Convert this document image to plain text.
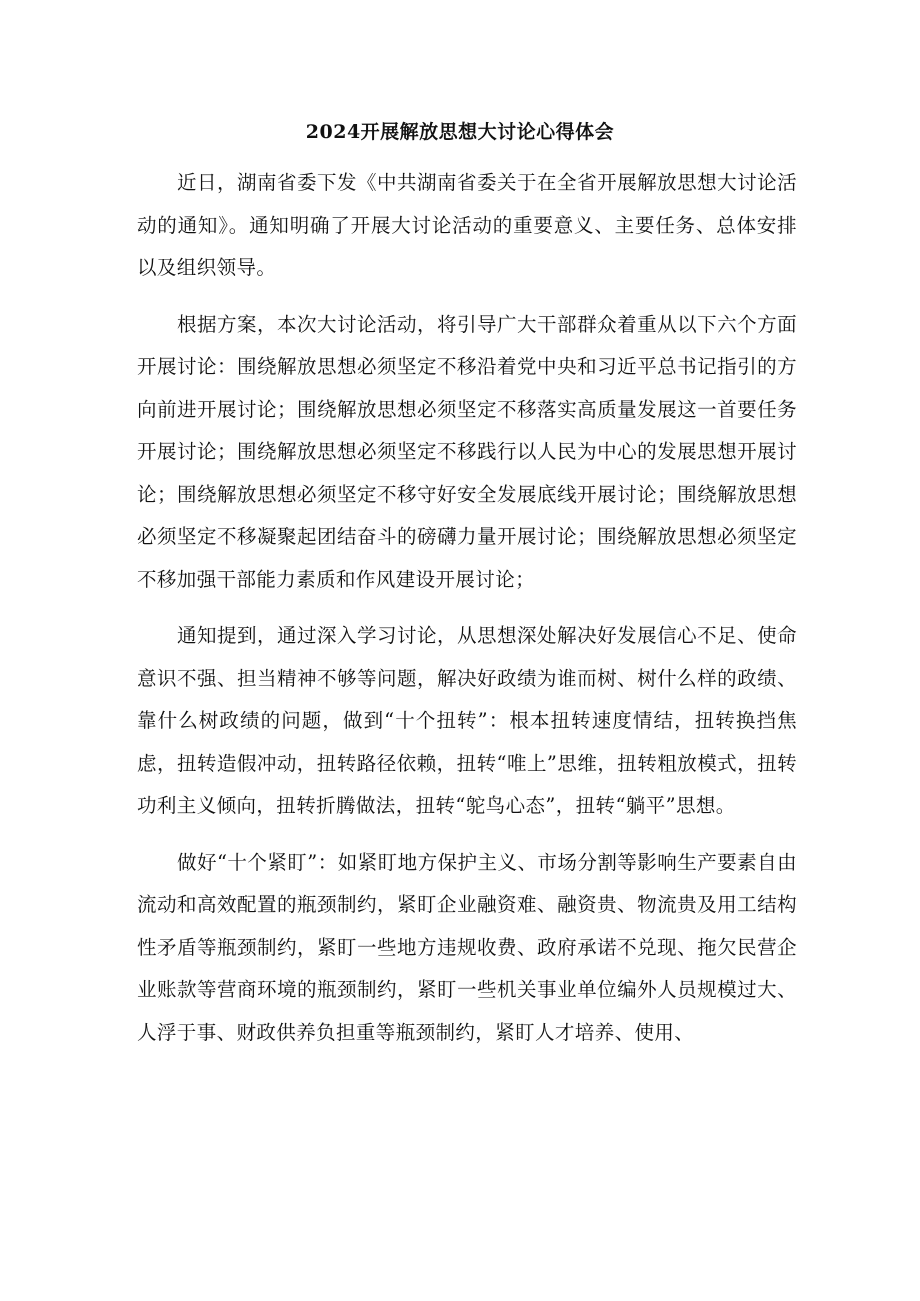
2024开展解放思想大讨论心得体会

近日，湖南省委下发《中共湖南省委关于在全省开展解放思想大讨论活动的通知》。通知明确了开展大讨论活动的重要意义、主要任务、总体安排以及组织领导。

根据方案，本次大讨论活动，将引导广大干部群众着重从以下六个方面开展讨论：围绕解放思想必须坚定不移沿着党中央和习近平总书记指引的方向前进开展讨论；围绕解放思想必须坚定不移落实高质量发展这一首要任务开展讨论；围绕解放思想必须坚定不移践行以人民为中心的发展思想开展讨论；围绕解放思想必须坚定不移守好安全发展底线开展讨论；围绕解放思想必须坚定不移凝聚起团结奋斗的磅礴力量开展讨论；围绕解放思想必须坚定不移加强干部能力素质和作风建设开展讨论；

通知提到，通过深入学习讨论，从思想深处解决好发展信心不足、使命意识不强、担当精神不够等问题，解决好政绩为谁而树、树什么样的政绩、靠什么树政绩的问题，做到“十个扭转”：根本扭转速度情结，扭转换挡焦虑，扭转造假冲动，扭转路径依赖，扭转“唯上”思维，扭转粗放模式，扭转功利主义倾向，扭转折腾做法，扭转“鸵鸟心态”，扭转“躺平”思想。

做好“十个紧盯”：如紧盯地方保护主义、市场分割等影响生产要素自由流动和高效配置的瓶颈制约，紧盯企业融资难、融资贵、物流贵及用工结构性矛盾等瓶颈制约，紧盯一些地方违规收费、政府承诺不兑现、拖欠民营企业账款等营商环境的瓶颈制约，紧盯一些机关事业单位编外人员规模过大、人浮于事、财政供养负担重等瓶颈制约，紧盯人才培养、使用、
